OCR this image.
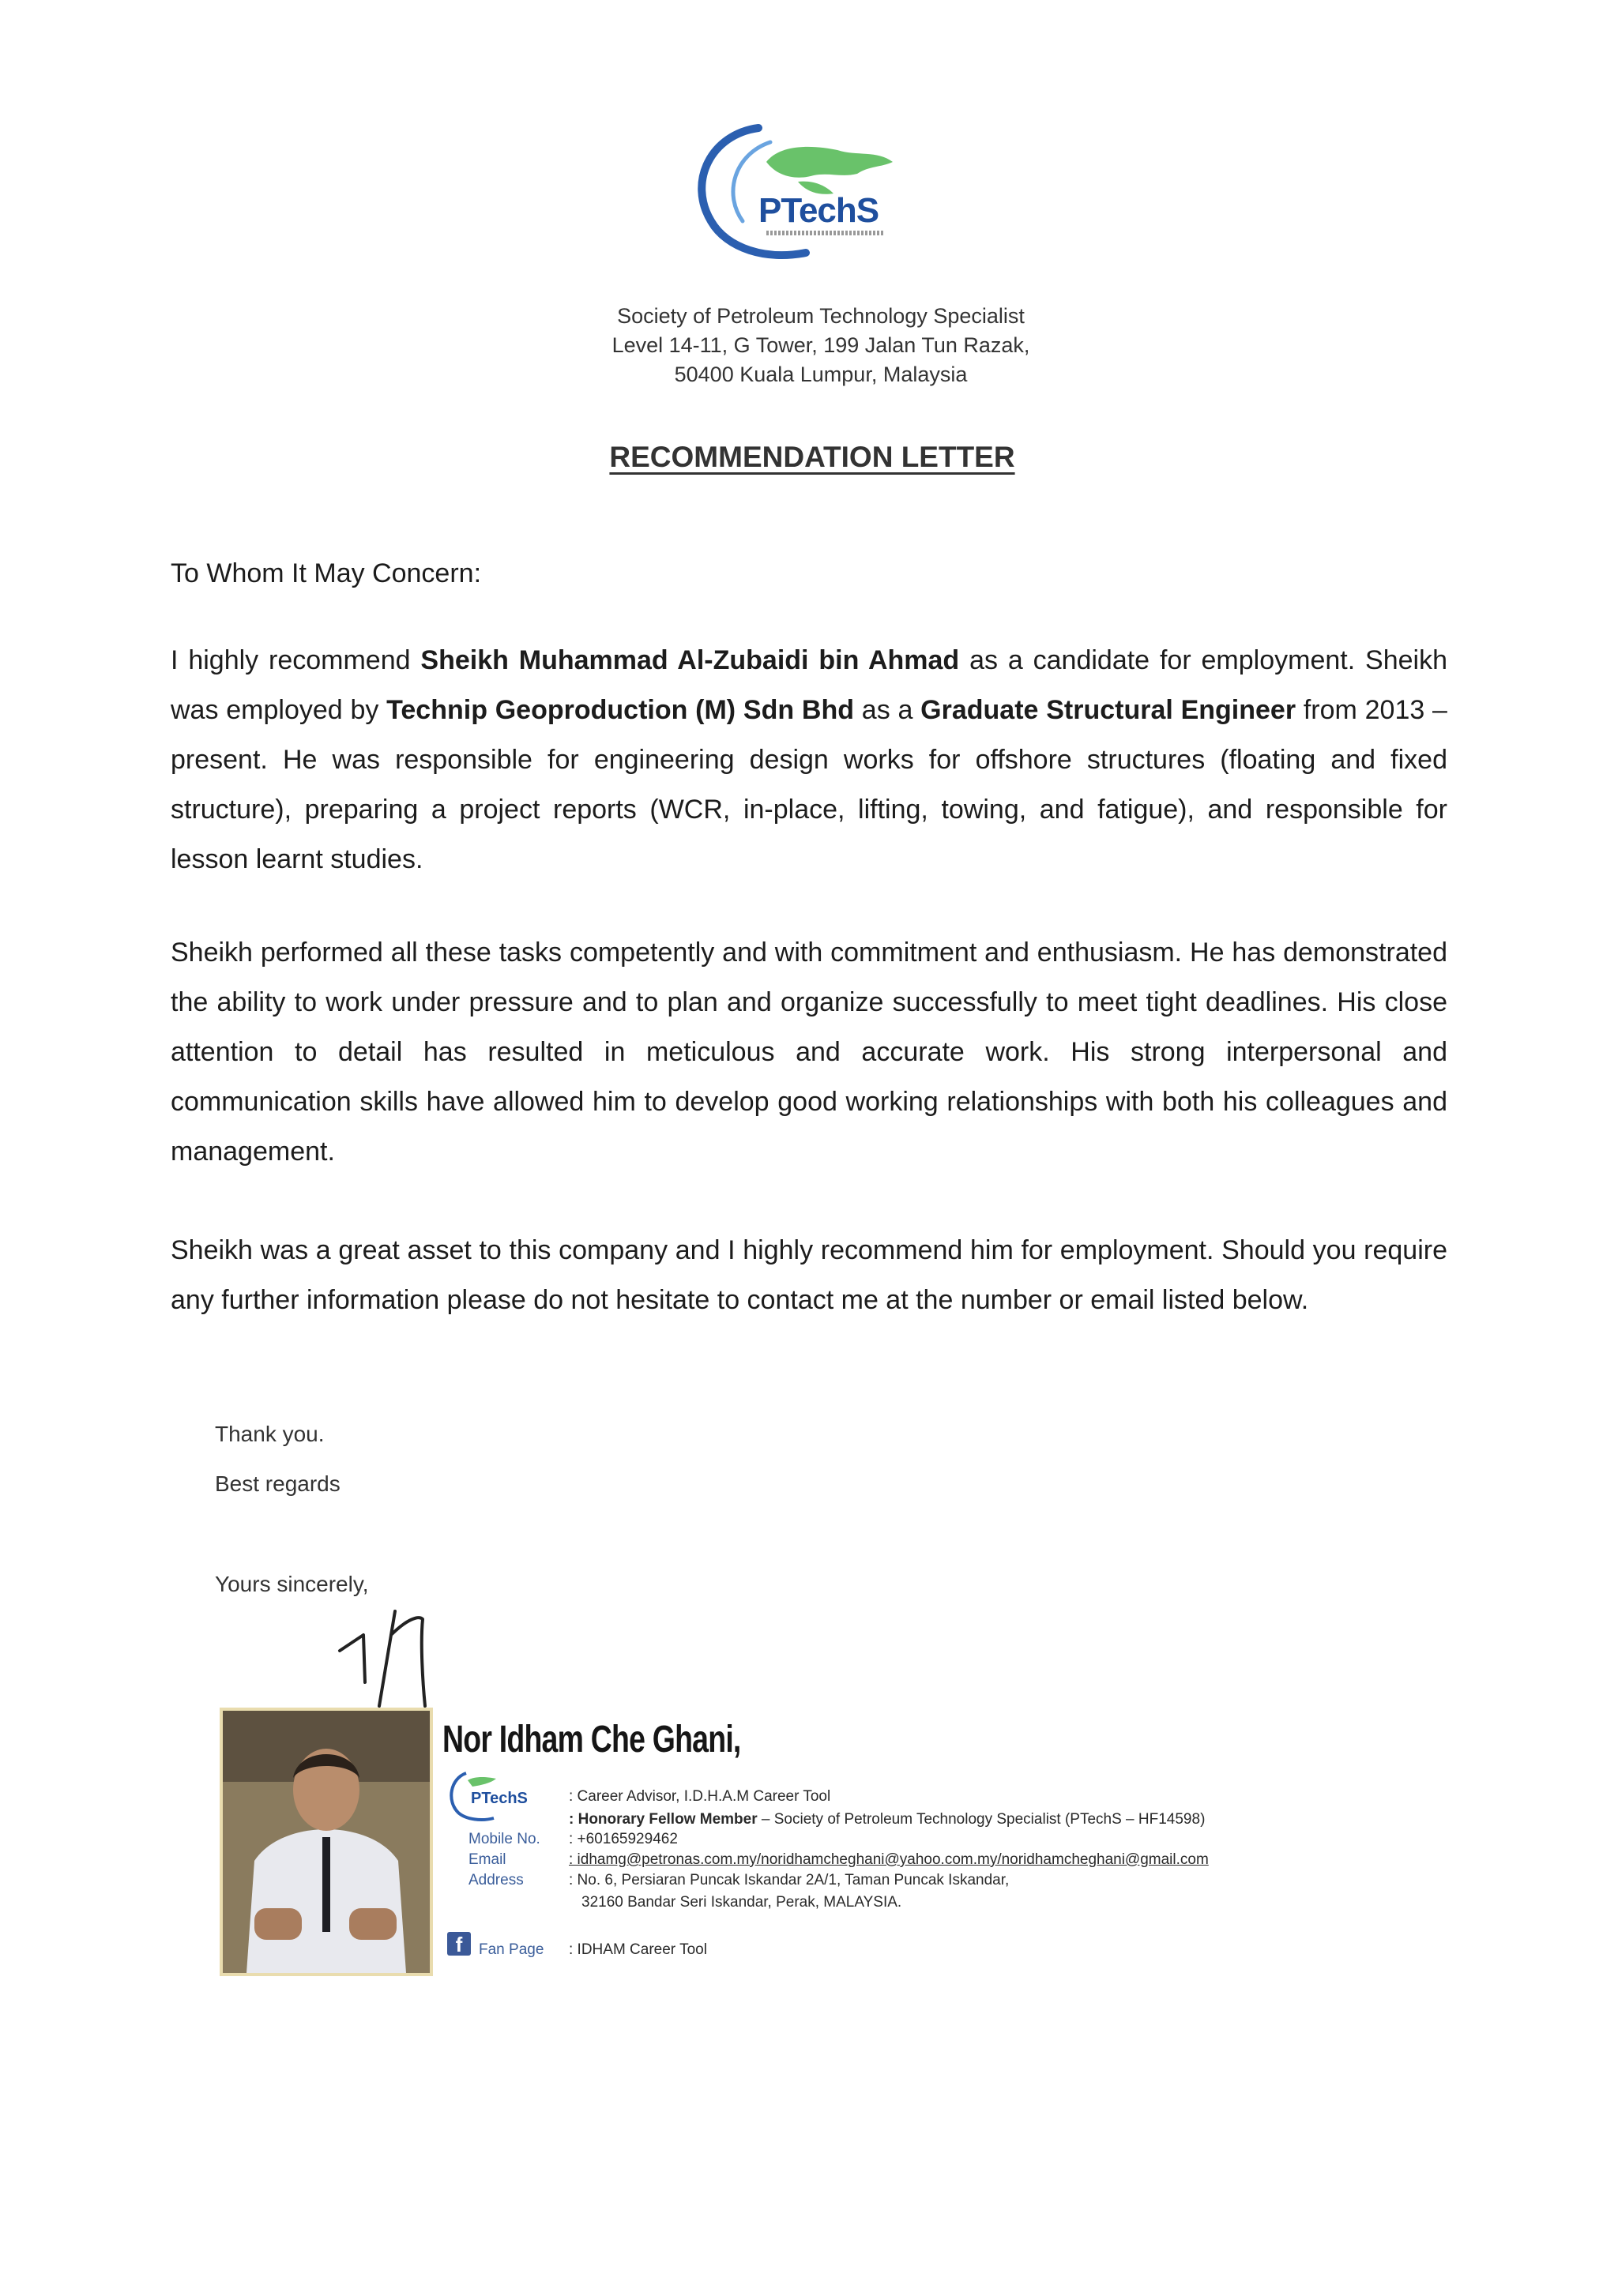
PTechS
Society of Petroleum Technology Specialist
Level 14-11, G Tower, 199 Jalan Tun Razak,
50400 Kuala Lumpur, Malaysia
RECOMMENDATION LETTER
To Whom It May Concern:
I highly recommend Sheikh Muhammad Al-Zubaidi bin Ahmad as a candidate for employment. Sheikh was employed by Technip Geoproduction (M) Sdn Bhd as a Graduate Structural Engineer from 2013 – present. He was responsible for engineering design works for offshore structures (floating and fixed structure), preparing a project reports (WCR, in-place, lifting, towing, and fatigue), and responsible for lesson learnt studies.
Sheikh performed all these tasks competently and with commitment and enthusiasm. He has demonstrated the ability to work under pressure and to plan and organize successfully to meet tight deadlines. His close attention to detail has resulted in meticulous and accurate work. His strong interpersonal and communication skills have allowed him to develop good working relationships with both his colleagues and management.
Sheikh was a great asset to this company and I highly recommend him for employment. Should you require any further information please do not hesitate to contact me at the number or email listed below.
Thank you.
Best regards
Yours sincerely,
Nor Idham Che Ghani,
PTechS	: Career Advisor, I.D.H.A.M Career Tool
: Honorary Fellow Member – Society of Petroleum Technology Specialist (PTechS – HF14598)
Mobile No. : +60165929462
Email	: idhamg@petronas.com.my/noridhamcheghani@yahoo.com.my/noridhamcheghani@gmail.com
Address	: No. 6, Persiaran Puncak Iskandar 2A/1, Taman Puncak Iskandar,
32160 Bandar Seri Iskandar, Perak, MALAYSIA.
f	Fan Page : IDHAM Career Tool
